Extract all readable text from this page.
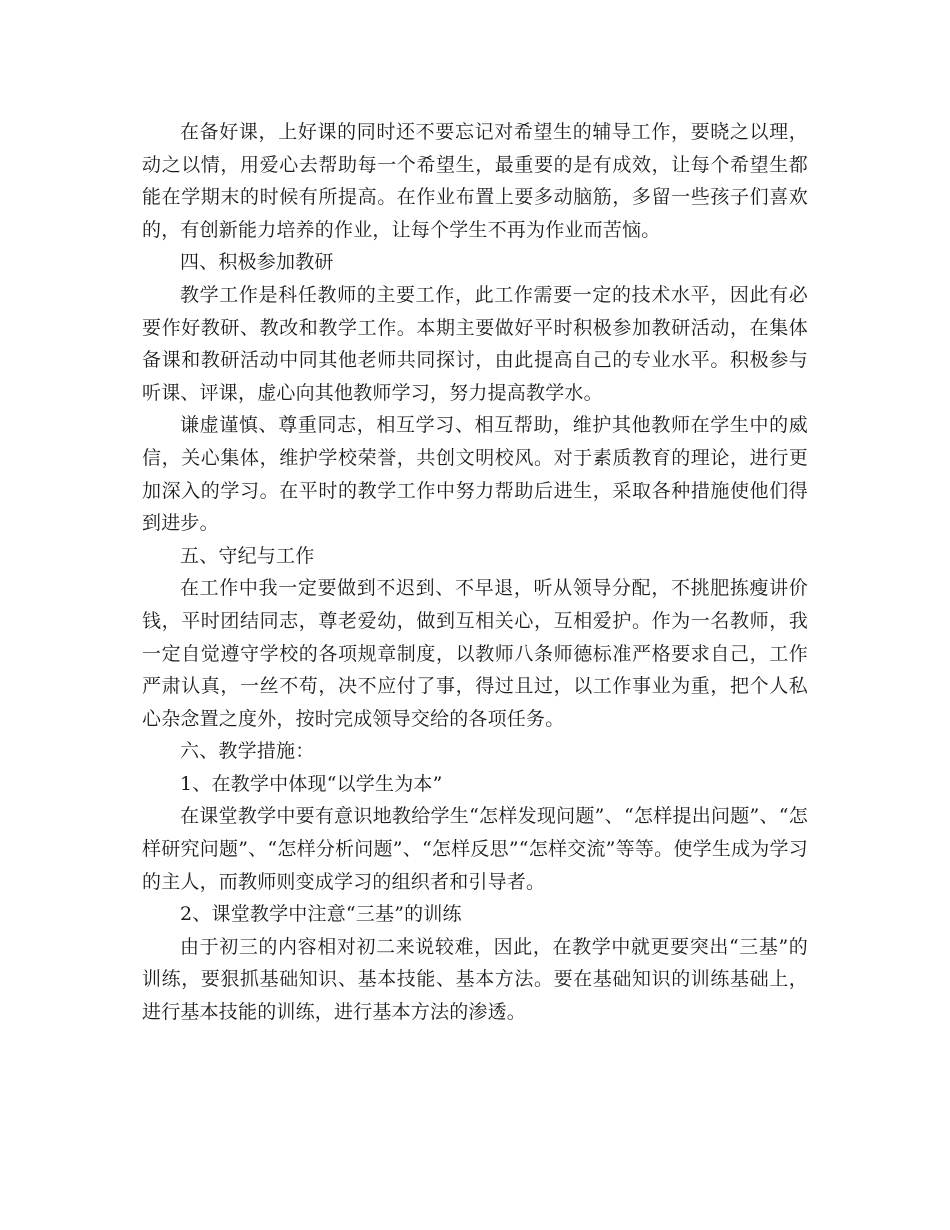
在备好课，上好课的同时还不要忘记对希望生的辅导工作，要晓之以理，动之以情，用爱心去帮助每一个希望生，最重要的是有成效，让每个希望生都能在学期末的时候有所提高。在作业布置上要多动脑筋，多留一些孩子们喜欢的，有创新能力培养的作业，让每个学生不再为作业而苦恼。

四、积极参加教研

教学工作是科任教师的主要工作，此工作需要一定的技术水平，因此有必要作好教研、教改和教学工作。本期主要做好平时积极参加教研活动，在集体备课和教研活动中同其他老师共同探讨，由此提高自己的专业水平。积极参与听课、评课，虚心向其他教师学习，努力提高教学水。

谦虚谨慎、尊重同志，相互学习、相互帮助，维护其他教师在学生中的威信，关心集体，维护学校荣誉，共创文明校风。对于素质教育的理论，进行更加深入的学习。在平时的教学工作中努力帮助后进生，采取各种措施使他们得到进步。

五、守纪与工作

在工作中我一定要做到不迟到、不早退，听从领导分配，不挑肥拣瘦讲价钱，平时团结同志，尊老爱幼，做到互相关心，互相爱护。作为一名教师，我一定自觉遵守学校的各项规章制度，以教师八条师德标准严格要求自己，工作严肃认真，一丝不苟，决不应付了事，得过且过，以工作事业为重，把个人私心杂念置之度外，按时完成领导交给的各项任务。

六、教学措施：

1、在教学中体现“以学生为本”

在课堂教学中要有意识地教给学生“怎样发现问题”、“怎样提出问题”、“怎样研究问题”、“怎样分析问题”、“怎样反思”“怎样交流”等等。使学生成为学习的主人，而教师则变成学习的组织者和引导者。

2、课堂教学中注意“三基”的训练

由于初三的内容相对初二来说较难，因此，在教学中就更要突出“三基”的训练，要狠抓基础知识、基本技能、基本方法。要在基础知识的训练基础上，进行基本技能的训练，进行基本方法的渗透。
